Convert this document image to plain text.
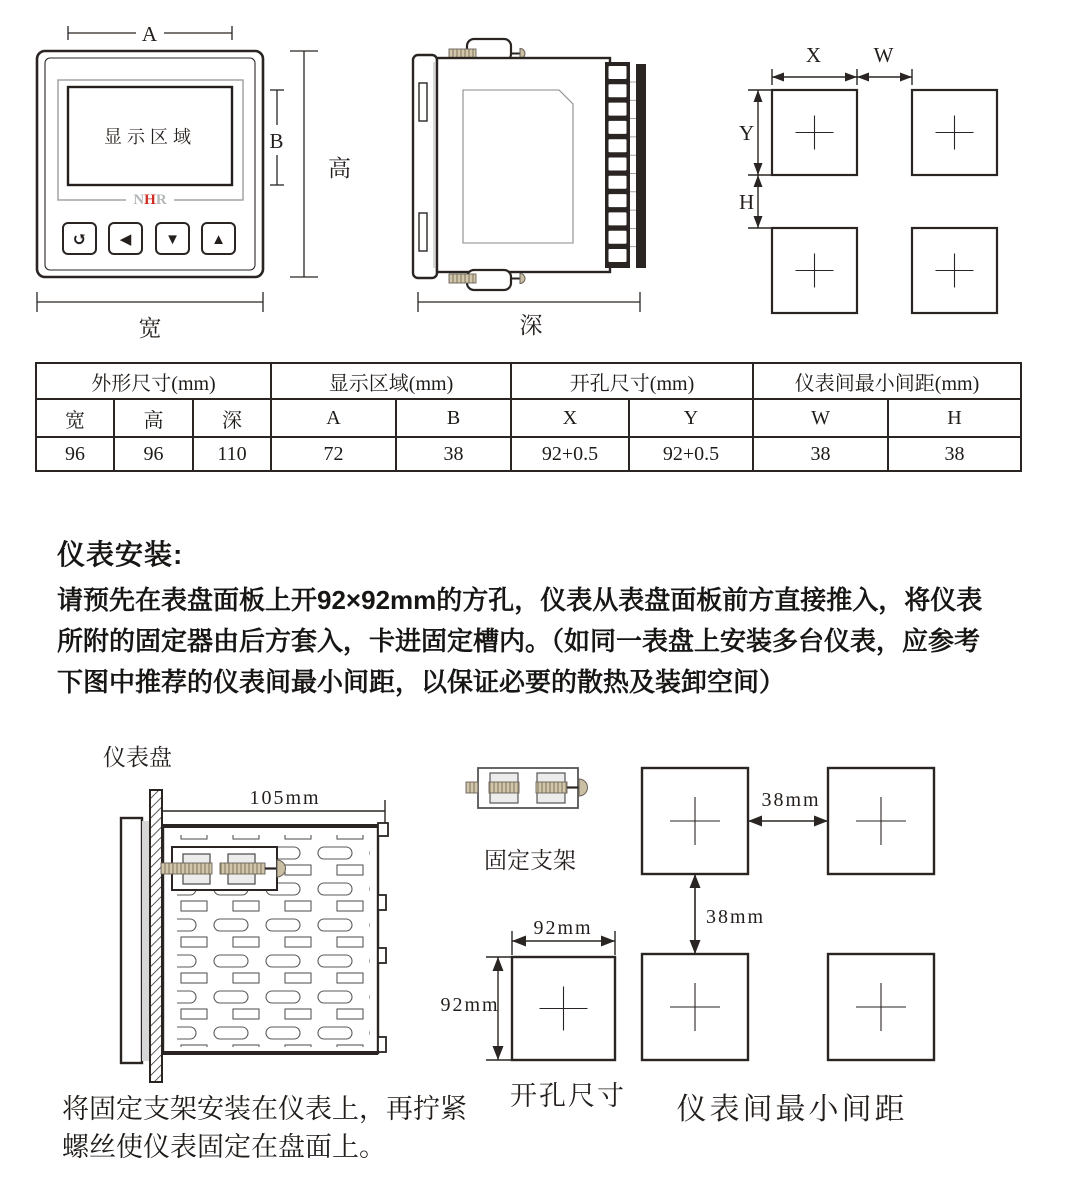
A
显示区域
NHR
↺ ◀ ▼ ▲
B
高
宽	深
X W
Y
H
外形尺寸(mm)			显示区域(mm)		开孔尺寸(mm)		仪表间最小间距(mm)	
宽	高	深	A	B	X	Y	W	H
96	96	110	72	38	92+0.5	92+0.5	38	38
仪表安装:
请预先在表盘面板上开92×92mm的方孔，仪表从表盘面板前方直接推入，将仪表
所附的固定器由后方套入，卡进固定槽内。（如同一表盘上安装多台仪表，应参考
下图中推荐的仪表间最小间距，以保证必要的散热及装卸空间）
仪表盘
105mm
将固定支架安装在仪表上，再拧紧
螺丝使仪表固定在盘面上。
固定支架
92mm
92mm
开孔尺寸
38mm
38mm
仪表间最小间距
